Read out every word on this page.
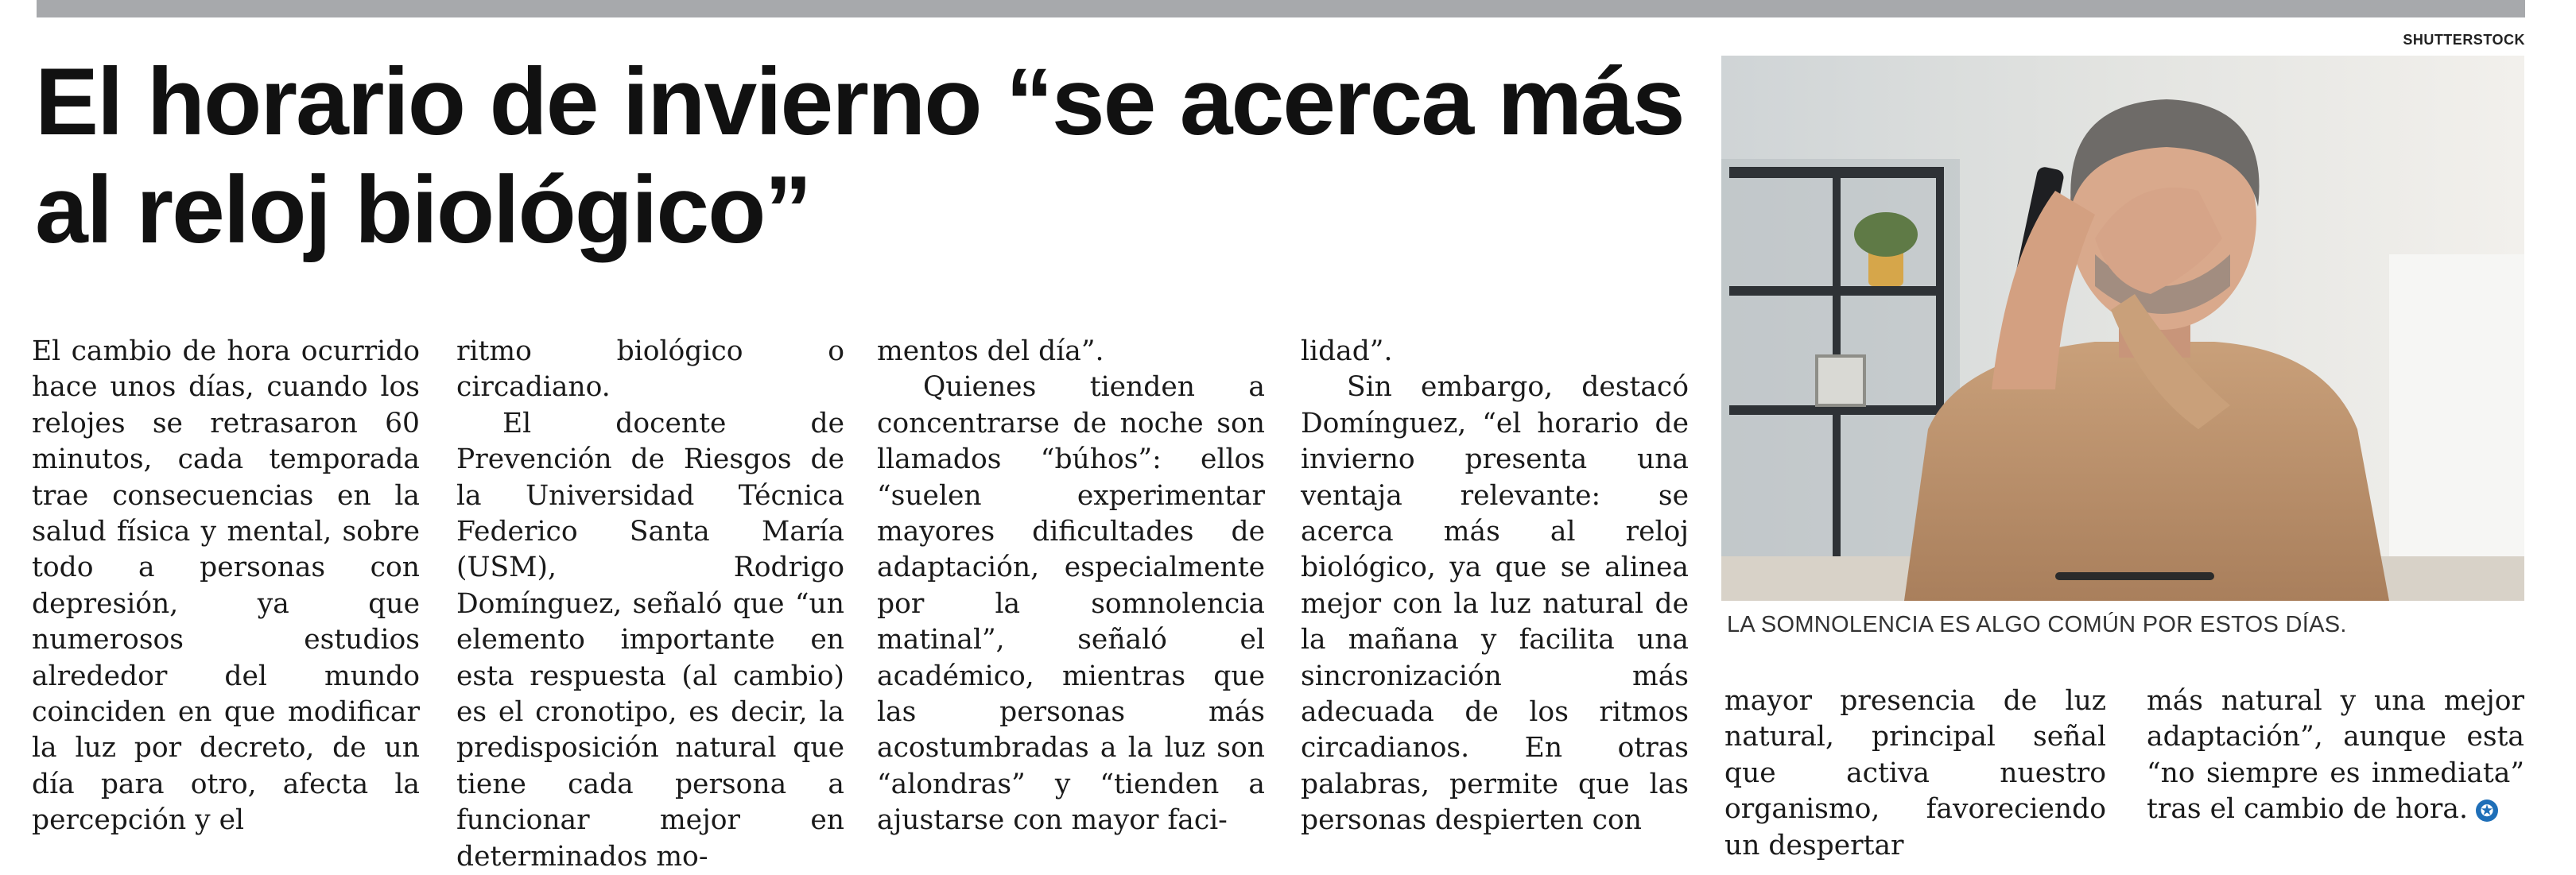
El horario de invierno “se acerca más al reloj biológico”
SHUTTERSTOCK
LA SOMNOLENCIA ES ALGO COMÚN POR ESTOS DÍAS.

El cambio de hora ocurrido hace unos días, cuando los relojes se retrasaron 60 minutos, cada temporada trae consecuencias en la salud física y mental, sobre todo a personas con depresión, ya que numerosos estudios alrededor del mundo coinciden en que modificar la luz por decreto, de un día para otro, afecta la percepción y el

ritmo biológico o circadiano.

El docente de Prevención de Riesgos de la Universidad Técnica Federico Santa María (USM), Rodrigo Domínguez, señaló que “un elemento importante en esta respuesta (al cambio) es el cronotipo, es decir, la predisposición natural que tiene cada persona a funcionar mejor en determinados mo-

mentos del día”.

Quienes tienden a concentrarse de noche son llamados “búhos”: ellos “suelen experimentar mayores dificultades de adaptación, especialmente por la somnolencia matinal”, señaló el académico, mientras que las personas más acostumbradas a la luz son “alondras” y “tienden a ajustarse con mayor faci-

lidad”.

Sin embargo, destacó Domínguez, “el horario de invierno presenta una ventaja relevante: se acerca más al reloj biológico, ya que se alinea mejor con la luz natural de la mañana y facilita una sincronización más adecuada de los ritmos circadianos. En otras palabras, permite que las personas despierten con

mayor presencia de luz natural, principal señal que activa nuestro organismo, favoreciendo un despertar

más natural y una mejor adaptación”, aunque esta “no siempre es inmediata” tras el cambio de hora. ✪
